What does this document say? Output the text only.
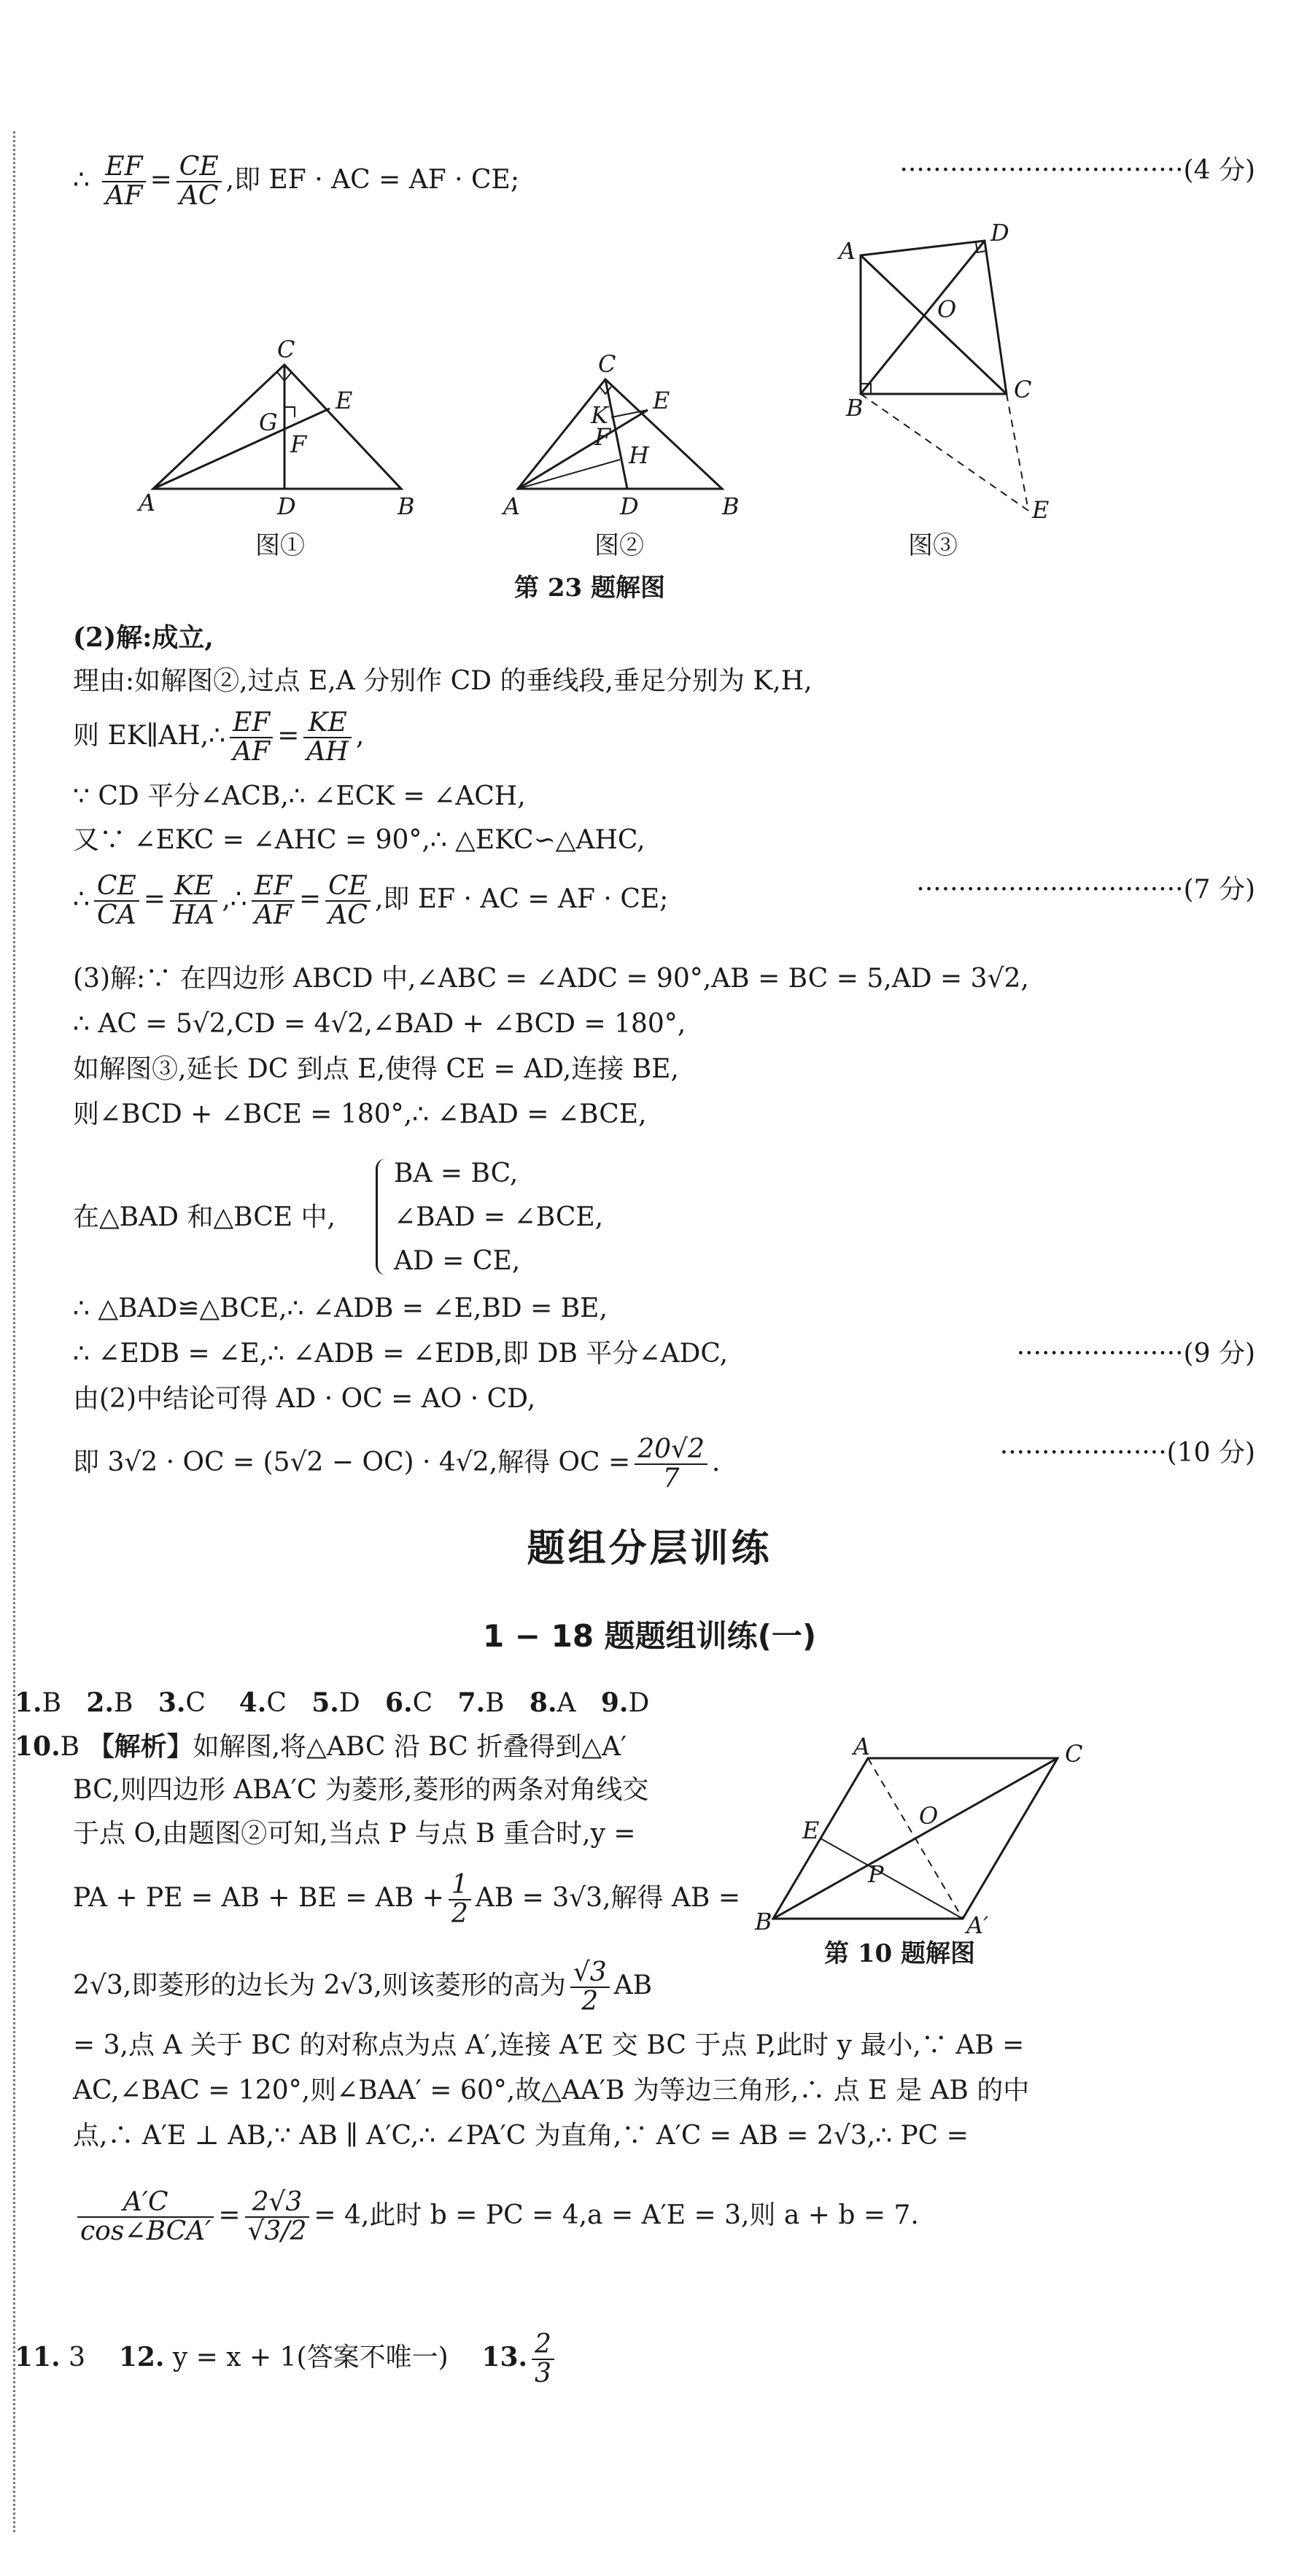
∴ $\frac{EF}{AF} = \frac{CE}{AC}$ ,即 EF · AC = AF · CE;	··································(4 分)
C
E
G
F
A	D	B
图①
C
E
K
F
H
A	D	B
图②
A
D
O
B
C
E
图③
第 23 题解图
(2)解:成立,
理由:如解图②,过点 E,A 分别作 CD 的垂线段,垂足分别为 K,H,
则 EK∥AH,∴ $\frac{EF}{AF} = \frac{KE}{AH}$ ,
∵ CD 平分∠ACB,∴ ∠ECK = ∠ACH,
又∵ ∠EKC = ∠AHC = 90°,∴ △EKC∽△AHC,
∴ $\frac{CE}{CA} = \frac{KE}{HA}$ ,∴ $\frac{EF}{AF} = \frac{CE}{AC}$ ,即 EF · AC = AF · CE;	································(7 分)
(3)解:∵ 在四边形 ABCD 中,∠ABC = ∠ADC = 90°,AB = BC = 5,AD = 3√2,
∴ AC = 5√2,CD = 4√2,∠BAD + ∠BCD = 180°,
如解图③,延长 DC 到点 E,使得 CE = AD,连接 BE,
则∠BCD + ∠BCE = 180°,∴ ∠BAD = ∠BCE,
在△BAD 和△BCE 中,
BA = BC,
∠BAD = ∠BCE,
AD = CE,
∴ △BAD≌△BCE,∴ ∠ADB = ∠E,BD = BE,
∴ ∠EDB = ∠E,∴ ∠ADB = ∠EDB,即 DB 平分∠ADC,	····················(9 分)
由(2)中结论可得 AD · OC = AO · CD,
即 3√2 · OC = (5√2 − OC) · 4√2,解得 OC = $\frac{20√2}{7}$ .	····················(10 分)
题组分层训练
1 − 18 题题组训练(一)
1.B 2.B 3.C 4.C 5.D 6.C 7.B 8.A 9.D
10.B 【解析】如解图,将△ABC 沿 BC 折叠得到△A′
BC,则四边形 ABA′C 为菱形,菱形的两条对角线交
于点 O,由题图②可知,当点 P 与点 B 重合时,y =
PA + PE = AB + BE = AB + $\frac{1}{2}$ AB = 3√3,解得 AB =
2√3,即菱形的边长为 2√3,则该菱形的高为 $\frac{√3}{2}$ AB
A	C
O
E
P
B	A′
第 10 题解图
= 3,点 A 关于 BC 的对称点为点 A′,连接 A′E 交 BC 于点 P,此时 y 最小,∵ AB =
AC,∠BAC = 120°,则∠BAA′ = 60°,故△AA′B 为等边三角形,∴ 点 E 是 AB 的中
点,∴ A′E ⊥ AB,∵ AB ∥ A′C,∴ ∠PA′C 为直角,∵ A′C = AB = 2√3,∴ PC =
$\frac{A'C}{\text{cos∠BCA′}} = \frac{2√3}{√3/2} = 4$,此时 b = PC = 4,a = A′E = 3,则 a + b = 7.
11. 3 12. y = x + 1(答案不唯一) 13. $\frac{2}{3}$
